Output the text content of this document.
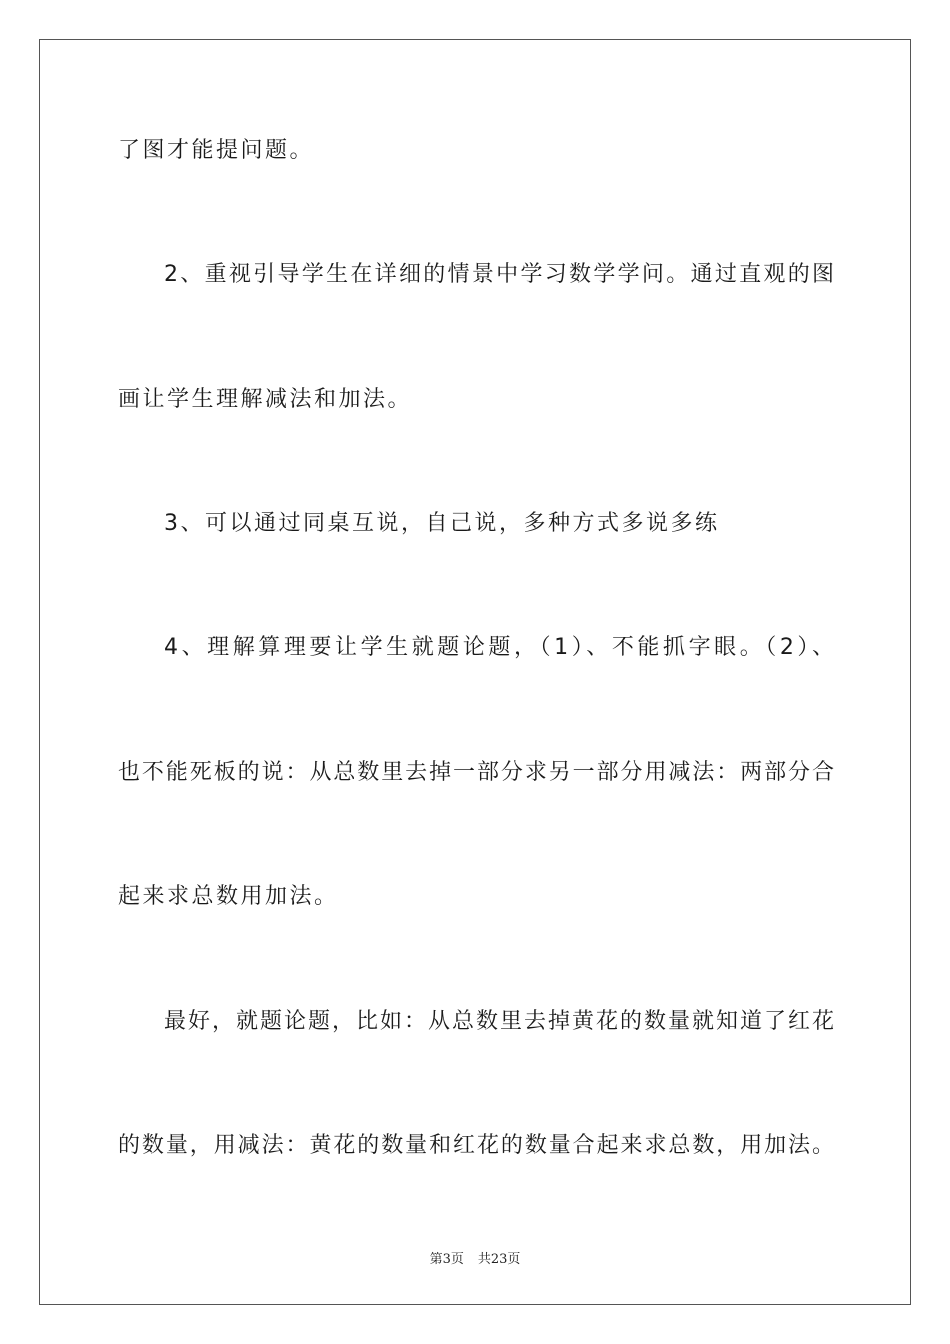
了图才能提问题。

2、重视引导学生在详细的情景中学习数学学问。通过直观的图

画让学生理解减法和加法。

3、可以通过同桌互说，自己说，多种方式多说多练

4、理解算理要让学生就题论题，（1）、不能抓字眼。（2）、

也不能死板的说：从总数里去掉一部分求另一部分用减法：两部分合

起来求总数用加法。

最好，就题论题，比如：从总数里去掉黄花的数量就知道了红花

的数量，用减法：黄花的数量和红花的数量合起来求总数，用加法。

第3页 共23页
